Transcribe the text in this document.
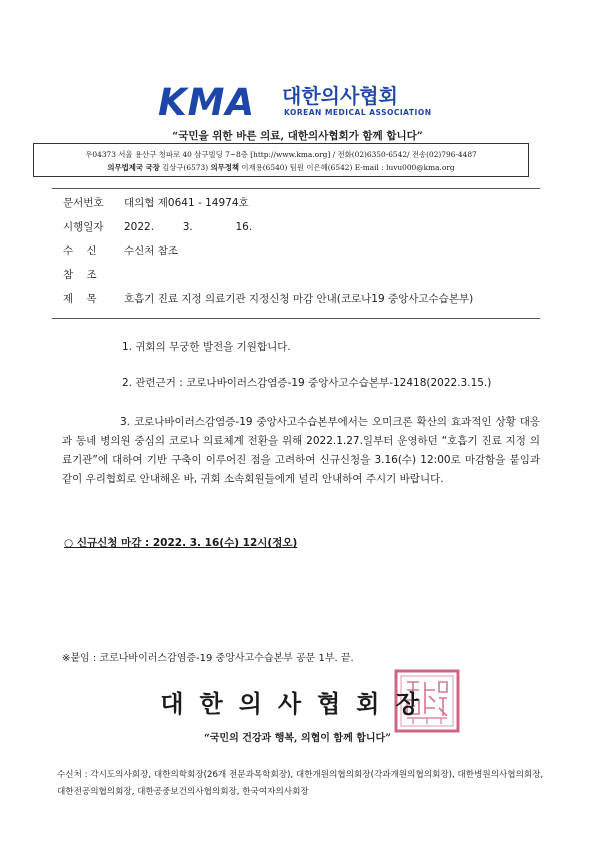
KMA 대한의사협회
KOREAN MEDICAL ASSOCIATION
“국민을 위한 바른 의료, 대한의사협회가 함께 합니다”
우04373 서울 용산구 청파로 40 삼구빌딩 7~8층 [http://www.kma.org] / 전화(02)6350-6542/ 전송(02)796-4487
의무법제국 국장 김상구(6573) 의무정책 이재용(6540) 팀원 이은혜(6542) E-mail : luvu000@kma.org
문서번호 대의협 제0641 - 14974호
시행일자 2022.	3.	16.
수    신	수신처 참조
참    조
제    목	호흡기 진료 지정 의료기관 지정신청 마감 안내(코로나19 중앙사고수습본부)
1. 귀회의 무궁한 발전을 기원합니다.
2. 관련근거 : 코로나바이러스감염증-19 중앙사고수습본부-12418(2022.3.15.)
3. 코로나바이러스감염증-19 중앙사고수습본부에서는 오미크론 확산의 효과적인 상황 대응과 동네 병의원 중심의 코로나 의료체계 전환을 위해 2022.1.27.일부터 운영하던 “호흡기 진료 지정 의료기관”에 대하여 기반 구축이 이루어진 점을 고려하여 신규신청을 3.16(수) 12:00로 마감함을 붙임과 같이 우리협회로 안내해온 바, 귀회 소속회원들에게 널리 안내하여 주시기 바랍니다.
○ 신규신청 마감 : 2022. 3. 16(수) 12시(정오)
※붙임 : 코로나바이러스감염증-19 중앙사고수습본부 공문 1부. 끝.
대한의사협회장
“국민의 건강과 행복, 의협이 함께 합니다”
수신처 : 각시도의사회장, 대한의학회장(26개 전문과목학회장), 대한개원의협의회장(각과개원의협의회장), 대한병원의사협의회장, 대한전공의협의회장, 대한공중보건의사협의회장, 한국여자의사회장
